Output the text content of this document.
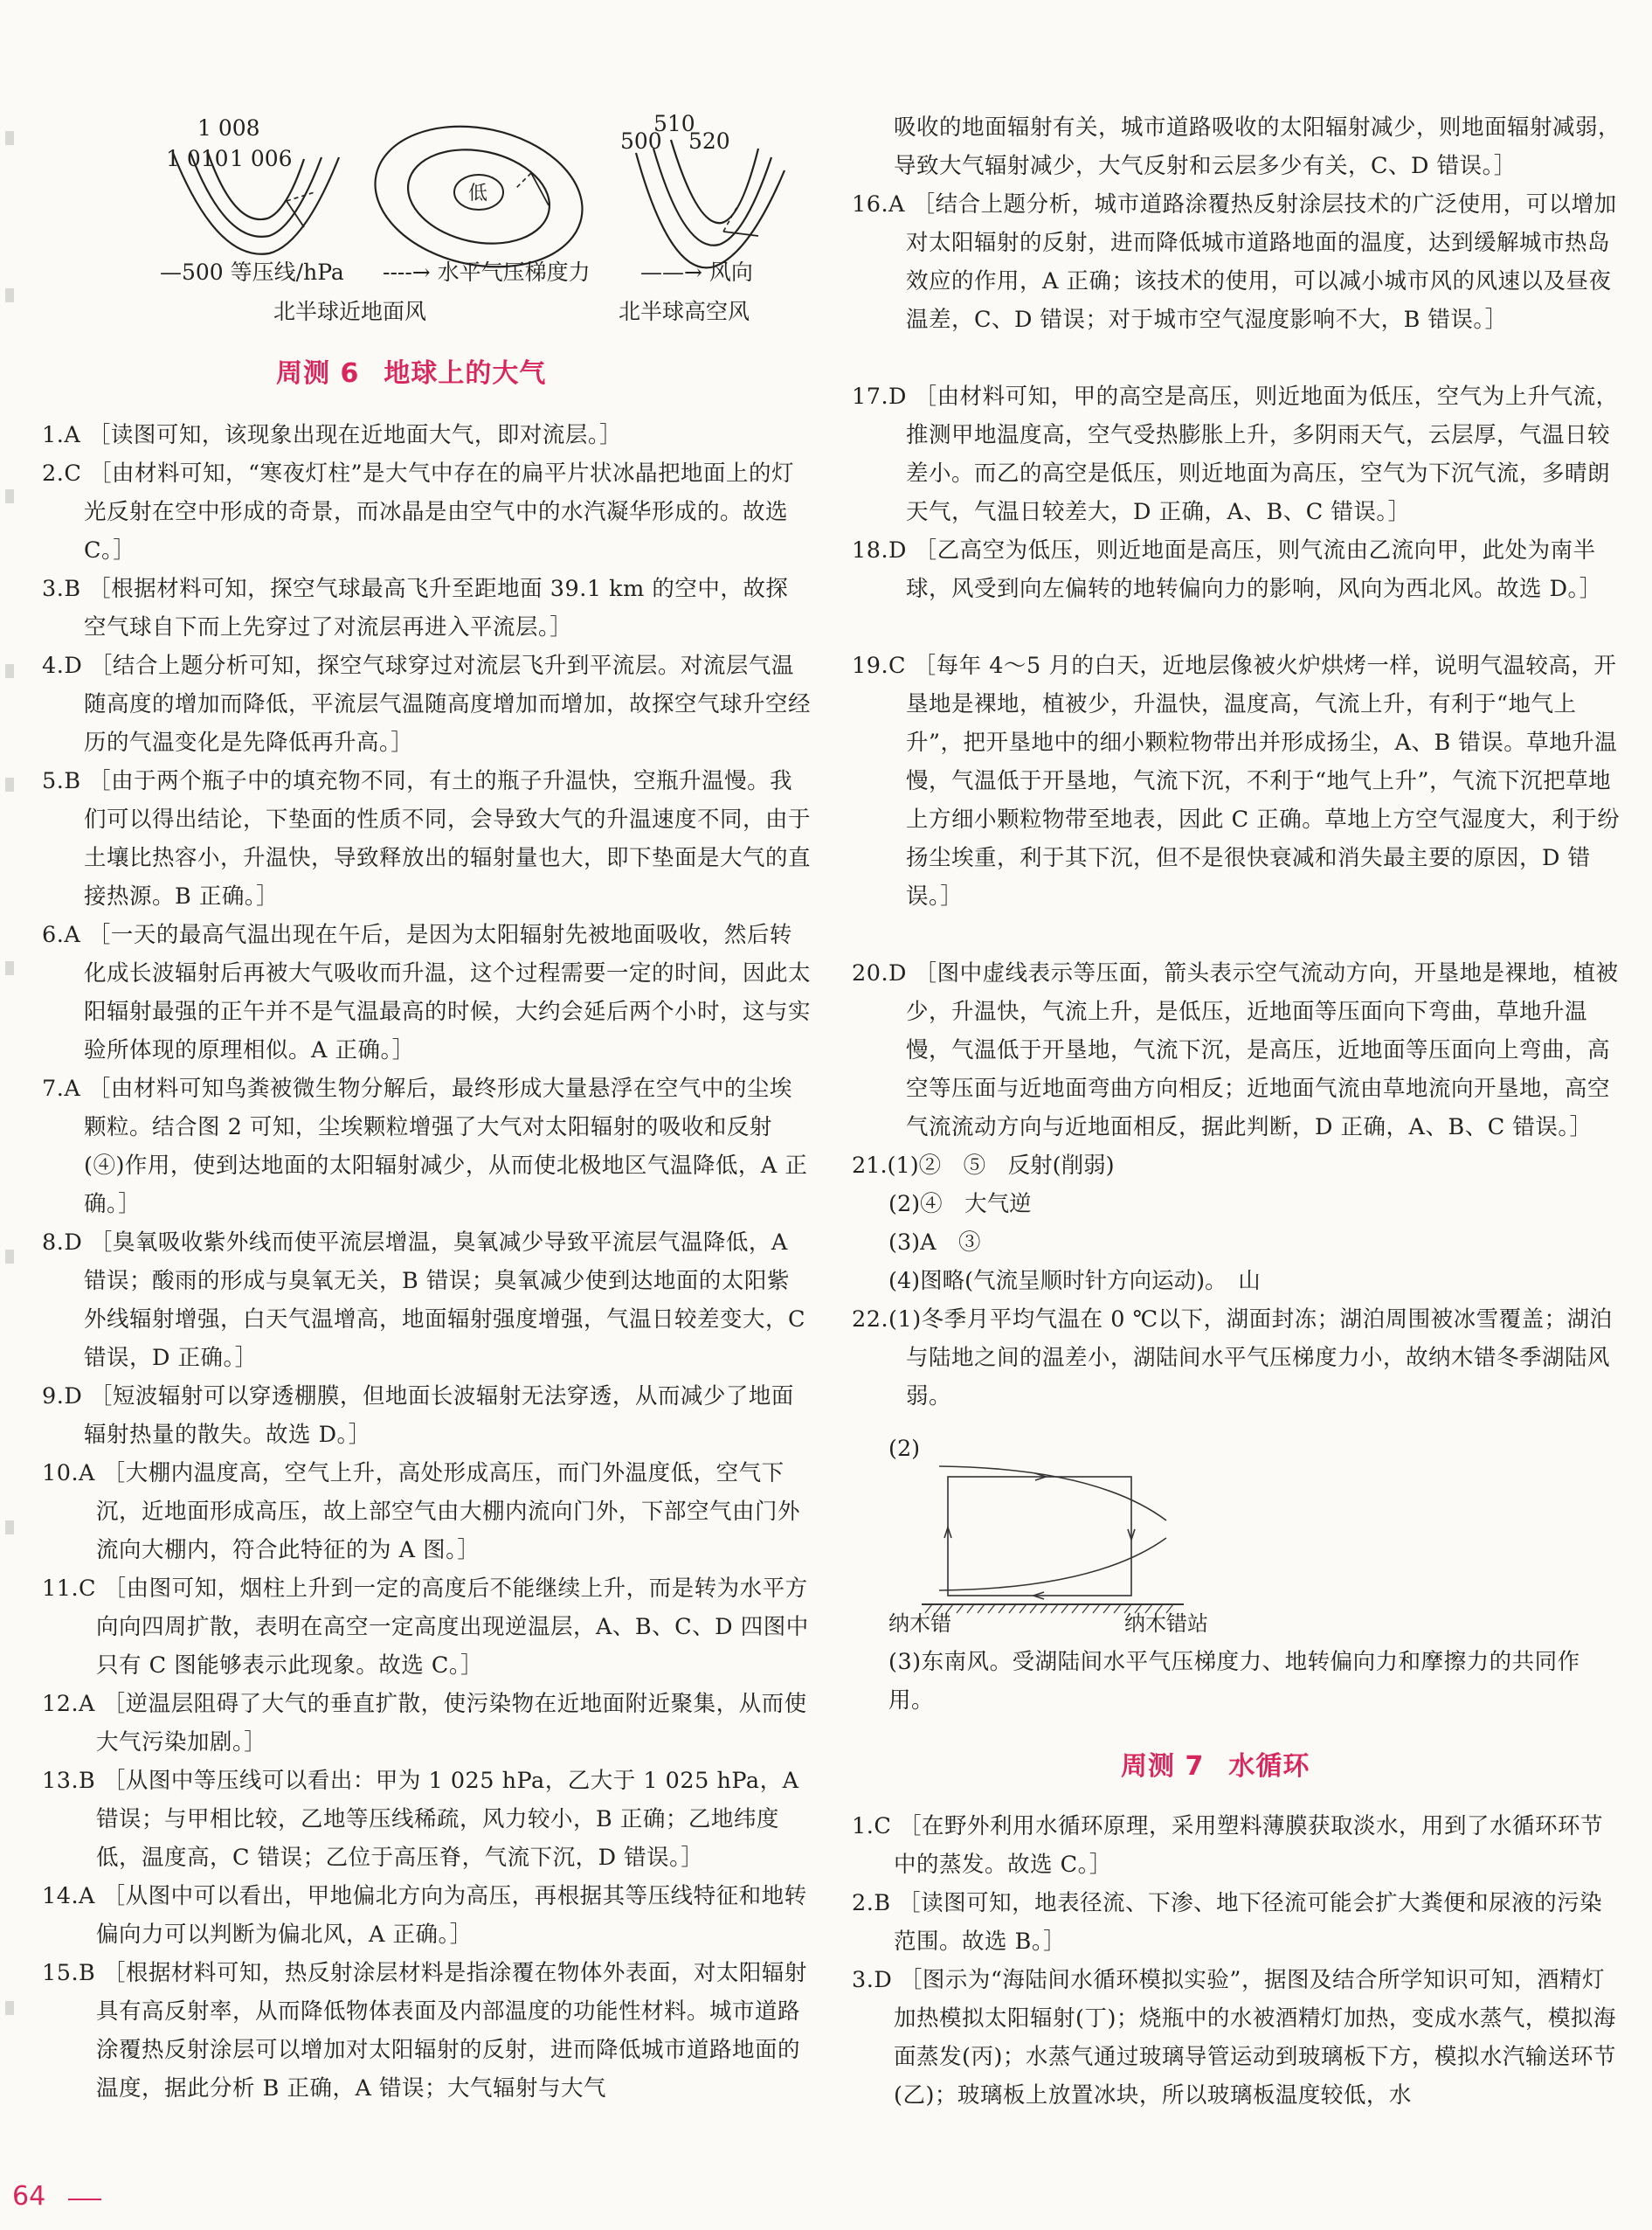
1 008
1 010 1 006
低
510
500 520
—500 等压线/hPa ----→ 水平气压梯度力 ——→ 风向
北半球近地面风	北半球高空风
周测 6 地球上的大气

1.A ［读图可知，该现象出现在近地面大气，即对流层。］

2.C ［由材料可知，“寒夜灯柱”是大气中存在的扁平片状冰晶把地面上的灯光反射在空中形成的奇景，而冰晶是由空气中的水汽凝华形成的。故选 C。］

3.B ［根据材料可知，探空气球最高飞升至距地面 39.1 km 的空中，故探空气球自下而上先穿过了对流层再进入平流层。］

4.D ［结合上题分析可知，探空气球穿过对流层飞升到平流层。对流层气温随高度的增加而降低，平流层气温随高度增加而增加，故探空气球升空经历的气温变化是先降低再升高。］

5.B ［由于两个瓶子中的填充物不同，有土的瓶子升温快，空瓶升温慢。我们可以得出结论，下垫面的性质不同，会导致大气的升温速度不同，由于土壤比热容小，升温快，导致释放出的辐射量也大，即下垫面是大气的直接热源。B 正确。］

6.A ［一天的最高气温出现在午后，是因为太阳辐射先被地面吸收，然后转化成长波辐射后再被大气吸收而升温，这个过程需要一定的时间，因此太阳辐射最强的正午并不是气温最高的时候，大约会延后两个小时，这与实验所体现的原理相似。A 正确。］

7.A ［由材料可知鸟粪被微生物分解后，最终形成大量悬浮在空气中的尘埃颗粒。结合图 2 可知，尘埃颗粒增强了大气对太阳辐射的吸收和反射(④)作用，使到达地面的太阳辐射减少，从而使北极地区气温降低，A 正确。］

8.D ［臭氧吸收紫外线而使平流层增温，臭氧减少导致平流层气温降低，A 错误；酸雨的形成与臭氧无关，B 错误；臭氧减少使到达地面的太阳紫外线辐射增强，白天气温增高，地面辐射强度增强，气温日较差变大，C 错误，D 正确。］

9.D ［短波辐射可以穿透棚膜，但地面长波辐射无法穿透，从而减少了地面辐射热量的散失。故选 D。］

10.A ［大棚内温度高，空气上升，高处形成高压，而门外温度低，空气下沉，近地面形成高压，故上部空气由大棚内流向门外，下部空气由门外流向大棚内，符合此特征的为 A 图。］

11.C ［由图可知，烟柱上升到一定的高度后不能继续上升，而是转为水平方向向四周扩散，表明在高空一定高度出现逆温层，A、B、C、D 四图中只有 C 图能够表示此现象。故选 C。］

12.A ［逆温层阻碍了大气的垂直扩散，使污染物在近地面附近聚集，从而使大气污染加剧。］

13.B ［从图中等压线可以看出：甲为 1 025 hPa，乙大于 1 025 hPa，A 错误；与甲相比较，乙地等压线稀疏，风力较小，B 正确；乙地纬度低，温度高，C 错误；乙位于高压脊，气流下沉，D 错误。］

14.A ［从图中可以看出，甲地偏北方向为高压，再根据其等压线特征和地转偏向力可以判断为偏北风，A 正确。］

15.B ［根据材料可知，热反射涂层材料是指涂覆在物体外表面，对太阳辐射具有高反射率，从而降低物体表面及内部温度的功能性材料。城市道路涂覆热反射涂层可以增加对太阳辐射的反射，进而降低城市道路地面的温度，据此分析 B 正确，A 错误；大气辐射与大气

吸收的地面辐射有关，城市道路吸收的太阳辐射减少，则地面辐射减弱，导致大气辐射减少，大气反射和云层多少有关，C、D 错误。］

16.A ［结合上题分析，城市道路涂覆热反射涂层技术的广泛使用，可以增加对太阳辐射的反射，进而降低城市道路地面的温度，达到缓解城市热岛效应的作用，A 正确；该技术的使用，可以减小城市风的风速以及昼夜温差，C、D 错误；对于城市空气湿度影响不大，B 错误。］

17.D ［由材料可知，甲的高空是高压，则近地面为低压，空气为上升气流，推测甲地温度高，空气受热膨胀上升，多阴雨天气，云层厚，气温日较差小。而乙的高空是低压，则近地面为高压，空气为下沉气流，多晴朗天气，气温日较差大，D 正确，A、B、C 错误。］

18.D ［乙高空为低压，则近地面是高压，则气流由乙流向甲，此处为南半球，风受到向左偏转的地转偏向力的影响，风向为西北风。故选 D。］

19.C ［每年 4～5 月的白天，近地层像被火炉烘烤一样，说明气温较高，开垦地是裸地，植被少，升温快，温度高，气流上升，有利于“地气上升”，把开垦地中的细小颗粒物带出并形成扬尘，A、B 错误。草地升温慢，气温低于开垦地，气流下沉，不利于“地气上升”，气流下沉把草地上方细小颗粒物带至地表，因此 C 正确。草地上方空气湿度大，利于纷扬尘埃重，利于其下沉，但不是很快衰减和消失最主要的原因，D 错误。］

20.D ［图中虚线表示等压面，箭头表示空气流动方向，开垦地是裸地，植被少，升温快，气流上升，是低压，近地面等压面向下弯曲，草地升温慢，气温低于开垦地，气流下沉，是高压，近地面等压面向上弯曲，高空等压面与近地面弯曲方向相反；近地面气流由草地流向开垦地，高空气流流动方向与近地面相反，据此判断，D 正确，A、B、C 错误。］

21.(1)②　⑤　反射(削弱)

(2)④　大气逆

(3)A　③

(4)图略(气流呈顺时针方向运动)。　山

22.(1)冬季月平均气温在 0 ℃以下，湖面封冻；湖泊周围被冰雪覆盖；湖泊与陆地之间的温差小，湖陆间水平气压梯度力小，故纳木错冬季湖陆风弱。

(2)

纳木错	纳木错站

(3)东南风。受湖陆间水平气压梯度力、地转偏向力和摩擦力的共同作用。

周测 7 水循环

1.C ［在野外利用水循环原理，采用塑料薄膜获取淡水，用到了水循环环节中的蒸发。故选 C。］

2.B ［读图可知，地表径流、下渗、地下径流可能会扩大粪便和尿液的污染范围。故选 B。］

3.D ［图示为“海陆间水循环模拟实验”，据图及结合所学知识可知，酒精灯加热模拟太阳辐射(丁)；烧瓶中的水被酒精灯加热，变成水蒸气，模拟海面蒸发(丙)；水蒸气通过玻璃导管运动到玻璃板下方，模拟水汽输送环节(乙)；玻璃板上放置冰块，所以玻璃板温度较低，水

64
